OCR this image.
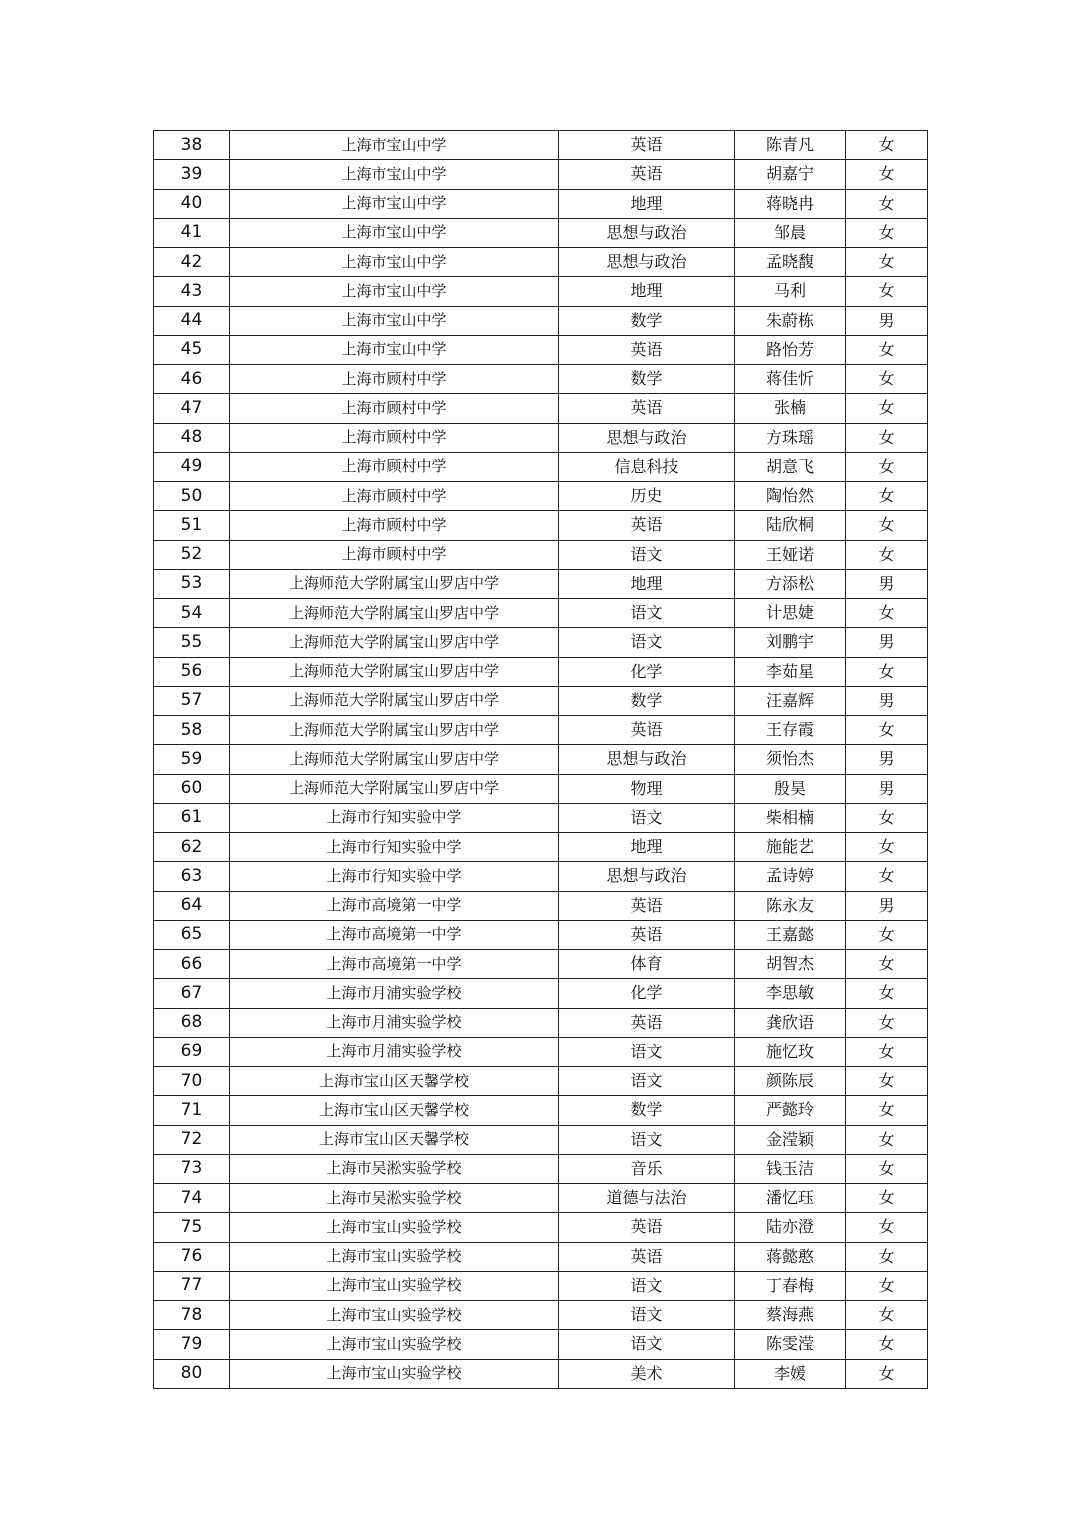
38	上海市宝山中学	英语	陈青凡	女
39	上海市宝山中学	英语	胡嘉宁	女
40	上海市宝山中学	地理	蒋晓冉	女
41	上海市宝山中学	思想与政治	邹晨	女
42	上海市宝山中学	思想与政治	孟晓馥	女
43	上海市宝山中学	地理	马利	女
44	上海市宝山中学	数学	朱蔚栋	男
45	上海市宝山中学	英语	路怡芳	女
46	上海市顾村中学	数学	蒋佳忻	女
47	上海市顾村中学	英语	张楠	女
48	上海市顾村中学	思想与政治	方珠瑶	女
49	上海市顾村中学	信息科技	胡意飞	女
50	上海市顾村中学	历史	陶怡然	女
51	上海市顾村中学	英语	陆欣桐	女
52	上海市顾村中学	语文	王娅诺	女
53	上海师范大学附属宝山罗店中学	地理	方添松	男
54	上海师范大学附属宝山罗店中学	语文	计思婕	女
55	上海师范大学附属宝山罗店中学	语文	刘鹏宇	男
56	上海师范大学附属宝山罗店中学	化学	李茹星	女
57	上海师范大学附属宝山罗店中学	数学	汪嘉辉	男
58	上海师范大学附属宝山罗店中学	英语	王存霞	女
59	上海师范大学附属宝山罗店中学	思想与政治	须怡杰	男
60	上海师范大学附属宝山罗店中学	物理	殷昊	男
61	上海市行知实验中学	语文	柴相楠	女
62	上海市行知实验中学	地理	施能艺	女
63	上海市行知实验中学	思想与政治	孟诗婷	女
64	上海市高境第一中学	英语	陈永友	男
65	上海市高境第一中学	英语	王嘉懿	女
66	上海市高境第一中学	体育	胡智杰	女
67	上海市月浦实验学校	化学	李思敏	女
68	上海市月浦实验学校	英语	龚欣语	女
69	上海市月浦实验学校	语文	施忆玫	女
70	上海市宝山区天馨学校	语文	颜陈辰	女
71	上海市宝山区天馨学校	数学	严懿玲	女
72	上海市宝山区天馨学校	语文	金滢颖	女
73	上海市吴淞实验学校	音乐	钱玉洁	女
74	上海市吴淞实验学校	道德与法治	潘忆珏	女
75	上海市宝山实验学校	英语	陆亦澄	女
76	上海市宝山实验学校	英语	蒋懿憨	女
77	上海市宝山实验学校	语文	丁春梅	女
78	上海市宝山实验学校	语文	蔡海燕	女
79	上海市宝山实验学校	语文	陈雯滢	女
80	上海市宝山实验学校	美术	李媛	女
